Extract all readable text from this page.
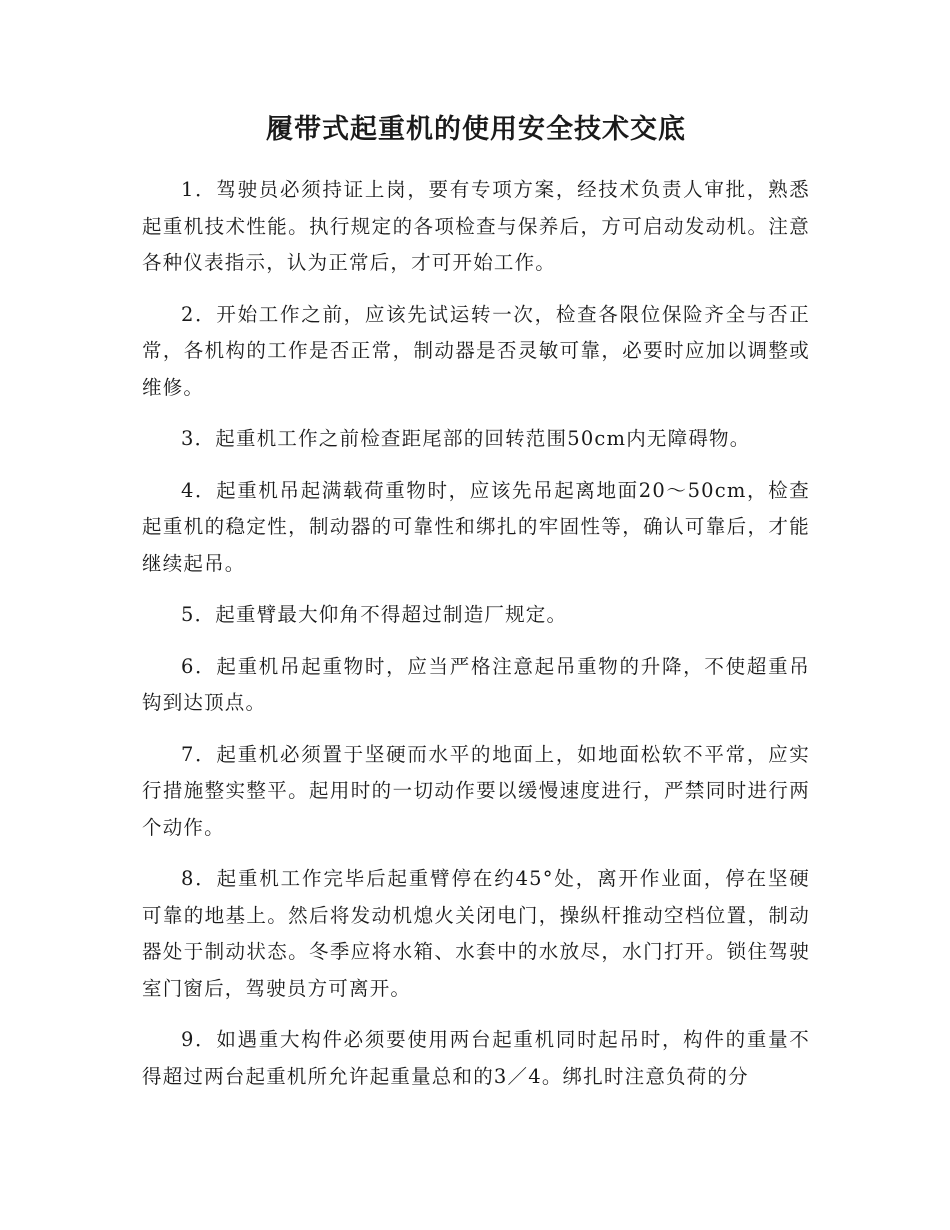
履带式起重机的使用安全技术交底

1．驾驶员必须持证上岗，要有专项方案，经技术负责人审批，熟悉起重机技术性能。执行规定的各项检查与保养后，方可启动发动机。注意各种仪表指示，认为正常后，才可开始工作。

2．开始工作之前，应该先试运转一次，检查各限位保险齐全与否正常，各机构的工作是否正常，制动器是否灵敏可靠，必要时应加以调整或维修。

3．起重机工作之前检查距尾部的回转范围50cm内无障碍物。

4．起重机吊起满载荷重物时，应该先吊起离地面20～50cm，检查起重机的稳定性，制动器的可靠性和绑扎的牢固性等，确认可靠后，才能继续起吊。

5．起重臂最大仰角不得超过制造厂规定。

6．起重机吊起重物时，应当严格注意起吊重物的升降，不使超重吊钩到达顶点。

7．起重机必须置于坚硬而水平的地面上，如地面松软不平常，应实行措施整实整平。起用时的一切动作要以缓慢速度进行，严禁同时进行两个动作。

8．起重机工作完毕后起重臂停在约45°处，离开作业面，停在坚硬可靠的地基上。然后将发动机熄火关闭电门，操纵杆推动空档位置，制动器处于制动状态。冬季应将水箱、水套中的水放尽，水门打开。锁住驾驶室门窗后，驾驶员方可离开。

9．如遇重大构件必须要使用两台起重机同时起吊时，构件的重量不得超过两台起重机所允许起重量总和的3／4。绑扎时注意负荷的分
